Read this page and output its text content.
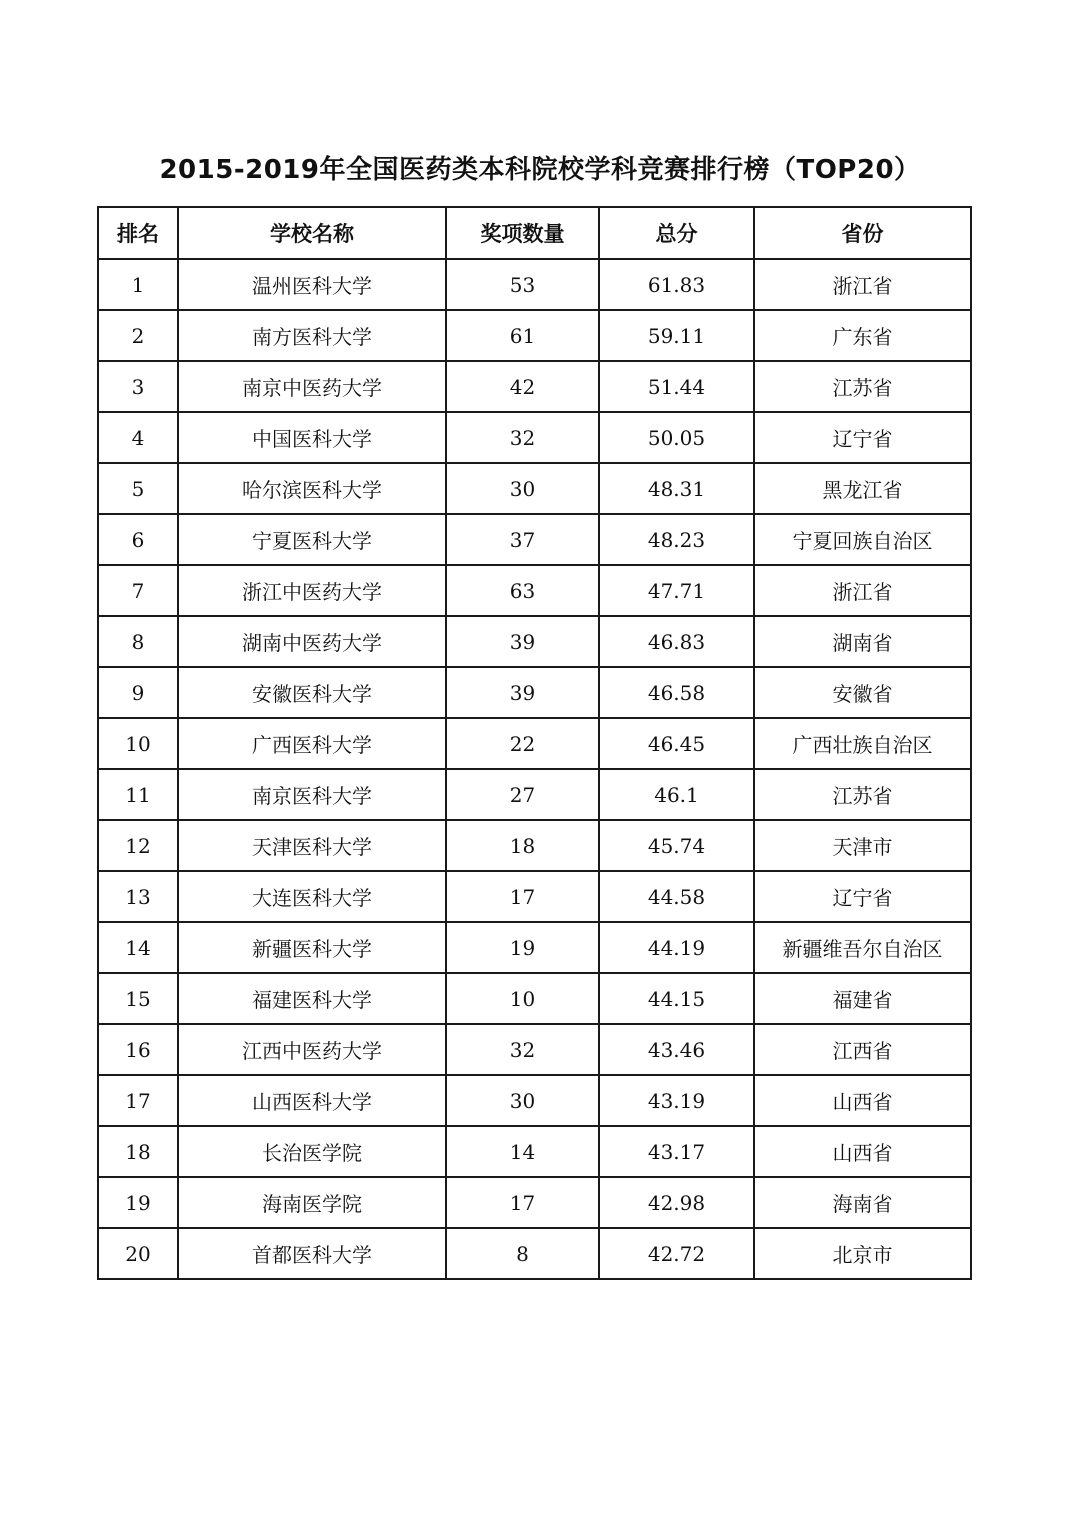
2015-2019年全国医药类本科院校学科竞赛排行榜（TOP20）
排名	学校名称	奖项数量	总分	省份
1	温州医科大学	53	61.83	浙江省
2	南方医科大学	61	59.11	广东省
3	南京中医药大学	42	51.44	江苏省
4	中国医科大学	32	50.05	辽宁省
5	哈尔滨医科大学	30	48.31	黑龙江省
6	宁夏医科大学	37	48.23	宁夏回族自治区
7	浙江中医药大学	63	47.71	浙江省
8	湖南中医药大学	39	46.83	湖南省
9	安徽医科大学	39	46.58	安徽省
10	广西医科大学	22	46.45	广西壮族自治区
11	南京医科大学	27	46.1	江苏省
12	天津医科大学	18	45.74	天津市
13	大连医科大学	17	44.58	辽宁省
14	新疆医科大学	19	44.19	新疆维吾尔自治区
15	福建医科大学	10	44.15	福建省
16	江西中医药大学	32	43.46	江西省
17	山西医科大学	30	43.19	山西省
18	长治医学院	14	43.17	山西省
19	海南医学院	17	42.98	海南省
20	首都医科大学	8	42.72	北京市
